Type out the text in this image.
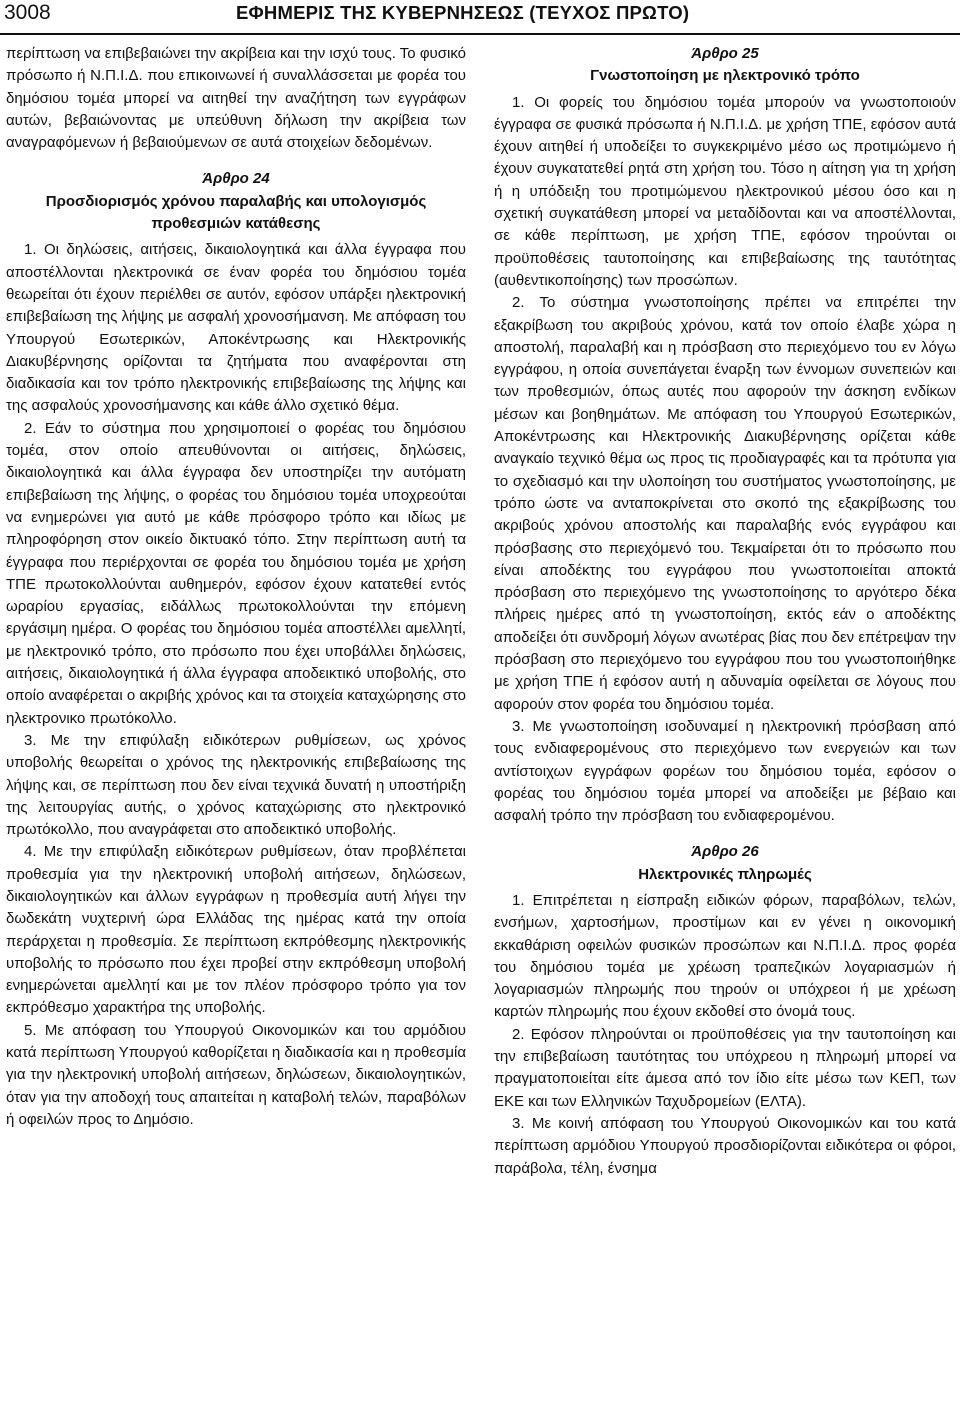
3008	ΕΦΗΜΕΡΙΣ ΤΗΣ ΚΥΒΕΡΝΗΣΕΩΣ (ΤΕΥΧΟΣ ΠΡΩΤΟ)

περίπτωση να επιβεβαιώνει την ακρίβεια και την ισχύ τους. Το φυσικό πρόσωπο ή Ν.Π.Ι.Δ. που επικοινωνεί ή συναλλάσσεται με φορέα του δημόσιου τομέα μπορεί να αιτηθεί την αναζήτηση των εγγράφων αυτών, βεβαιώνοντας με υπεύθυνη δήλωση την ακρίβεια των αναγραφόμενων ή βεβαιούμενων σε αυτά στοιχείων δεδομένων.

Άρθρο 24
Προσδιορισμός χρόνου παραλαβής και υπολογισμός προθεσμιών κατάθεσης

1. Οι δηλώσεις, αιτήσεις, δικαιολογητικά και άλλα έγγραφα που αποστέλλονται ηλεκτρονικά σε έναν φορέα του δημόσιου τομέα θεωρείται ότι έχουν περιέλθει σε αυτόν, εφόσον υπάρξει ηλεκτρονική επιβεβαίωση της λήψης με ασφαλή χρονοσήμανση. Με απόφαση του Υπουργού Εσωτερικών, Αποκέντρωσης και Ηλεκτρονικής Διακυβέρνησης ορίζονται τα ζητήματα που αναφέρονται στη διαδικασία και τον τρόπο ηλεκτρονικής επιβεβαίωσης της λήψης και της ασφαλούς χρονοσήμανσης και κάθε άλλο σχετικό θέμα.

2. Εάν το σύστημα που χρησιμοποιεί ο φορέας του δημόσιου τομέα, στον οποίο απευθύνονται οι αιτήσεις, δηλώσεις, δικαιολογητικά και άλλα έγγραφα δεν υποστηρίζει την αυτόματη επιβεβαίωση της λήψης, ο φορέας του δημόσιου τομέα υποχρεούται να ενημερώνει για αυτό με κάθε πρόσφορο τρόπο και ιδίως με πληροφόρηση στον οικείο δικτυακό τόπο. Στην περίπτωση αυτή τα έγγραφα που περιέρχονται σε φορέα του δημόσιου τομέα με χρήση ΤΠΕ πρωτοκολλούνται αυθημερόν, εφόσον έχουν κατατεθεί εντός ωραρίου εργασίας, ειδάλλως πρωτοκολλούνται την επόμενη εργάσιμη ημέρα. Ο φορέας του δημόσιου τομέα αποστέλλει αμελλητί, με ηλεκτρονικό τρόπο, στο πρόσωπο που έχει υποβάλλει δηλώσεις, αιτήσεις, δικαιολογητικά ή άλλα έγγραφα αποδεικτικό υποβολής, στο οποίο αναφέρεται ο ακριβής χρόνος και τα στοιχεία καταχώρησης στο ηλεκτρονικο πρωτόκολλο.

3. Με την επιφύλαξη ειδικότερων ρυθμίσεων, ως χρόνος υποβολής θεωρείται ο χρόνος της ηλεκτρονικής επιβεβαίωσης της λήψης και, σε περίπτωση που δεν είναι τεχνικά δυνατή η υποστήριξη της λειτουργίας αυτής, ο χρόνος καταχώρισης στο ηλεκτρονικό πρωτόκολλο, που αναγράφεται στο αποδεικτικό υποβολής.

4. Με την επιφύλαξη ειδικότερων ρυθμίσεων, όταν προβλέπεται προθεσμία για την ηλεκτρονική υποβολή αιτήσεων, δηλώσεων, δικαιολογητικών και άλλων εγγράφων η προθεσμία αυτή λήγει την δωδεκάτη νυχτερινή ώρα Ελλάδας της ημέρας κατά την οποία περάρχεται η προθεσμία. Σε περίπτωση εκπρόθεσμης ηλεκτρονικής υποβολής το πρόσωπο που έχει προβεί στην εκπρόθεσμη υποβολή ενημερώνεται αμελλητί και με τον πλέον πρόσφορο τρόπο για τον εκπρόθεσμο χαρακτήρα της υποβολής.

5. Με απόφαση του Υπουργού Οικονομικών και του αρμόδιου κατά περίπτωση Υπουργού καθορίζεται η διαδικασία και η προθεσμία για την ηλεκτρονική υποβολή αιτήσεων, δηλώσεων, δικαιολογητικών, όταν για την αποδοχή τους απαιτείται η καταβολή τελών, παραβόλων ή οφειλών προς το Δημόσιο.

Άρθρο 25
Γνωστοποίηση με ηλεκτρονικό τρόπο

1. Οι φορείς του δημόσιου τομέα μπορούν να γνωστοποιούν έγγραφα σε φυσικά πρόσωπα ή Ν.Π.Ι.Δ. με χρήση ΤΠΕ, εφόσον αυτά έχουν αιτηθεί ή υποδείξει το συγκεκριμένο μέσο ως προτιμώμενο ή έχουν συγκατατεθεί ρητά στη χρήση του. Τόσο η αίτηση για τη χρήση ή η υπόδειξη του προτιμώμενου ηλεκτρονικού μέσου όσο και η σχετική συγκατάθεση μπορεί να μεταδίδονται και να αποστέλλονται, σε κάθε περίπτωση, με χρήση ΤΠΕ, εφόσον τηρούνται οι προϋποθέσεις ταυτοποίησης και επιβεβαίωσης της ταυτότητας (αυθεντικοποίησης) των προσώπων.

2. Το σύστημα γνωστοποίησης πρέπει να επιτρέπει την εξακρίβωση του ακριβούς χρόνου, κατά τον οποίο έλαβε χώρα η αποστολή, παραλαβή και η πρόσβαση στο περιεχόμενο του εν λόγω εγγράφου, η οποία συνεπάγεται έναρξη των έννομων συνεπειών και των προθεσμιών, όπως αυτές που αφορούν την άσκηση ενδίκων μέσων και βοηθημάτων. Με απόφαση του Υπουργού Εσωτερικών, Αποκέντρωσης και Ηλεκτρονικής Διακυβέρνησης ορίζεται κάθε αναγκαίο τεχνικό θέμα ως προς τις προδιαγραφές και τα πρότυπα για το σχεδιασμό και την υλοποίηση του συστήματος γνωστοποίησης, με τρόπο ώστε να ανταποκρίνεται στο σκοπό της εξακρίβωσης του ακριβούς χρόνου αποστολής και παραλαβής ενός εγγράφου και πρόσβασης στο περιεχόμενό του. Τεκμαίρεται ότι το πρόσωπο που είναι αποδέκτης του εγγράφου που γνωστοποιείται αποκτά πρόσβαση στο περιεχόμενο της γνωστοποίησης το αργότερο δέκα πλήρεις ημέρες από τη γνωστοποίηση, εκτός εάν ο αποδέκτης αποδείξει ότι συνδρομή λόγων ανωτέρας βίας που δεν επέτρεψαν την πρόσβαση στο περιεχόμενο του εγγράφου που του γνωστοποιήθηκε με χρήση ΤΠΕ ή εφόσον αυτή η αδυναμία οφείλεται σε λόγους που αφορούν στον φορέα του δημόσιου τομέα.

3. Με γνωστοποίηση ισοδυναμεί η ηλεκτρονική πρόσβαση από τους ενδιαφερομένους στο περιεχόμενο των ενεργειών και των αντίστοιχων εγγράφων φορέων του δημόσιου τομέα, εφόσον ο φορέας του δημόσιου τομέα μπορεί να αποδείξει με βέβαιο και ασφαλή τρόπο την πρόσβαση του ενδιαφερομένου.

Άρθρο 26
Ηλεκτρονικές πληρωμές

1. Επιτρέπεται η είσπραξη ειδικών φόρων, παραβόλων, τελών, ενσήμων, χαρτοσήμων, προστίμων και εν γένει η οικονομική εκκαθάριση οφειλών φυσικών προσώπων και Ν.Π.Ι.Δ. προς φορέα του δημόσιου τομέα με χρέωση τραπεζικών λογαριασμών ή λογαριασμών πληρωμής που τηρούν οι υπόχρεοι ή με χρέωση καρτών πληρωμής που έχουν εκδοθεί στο όνομά τους.

2. Εφόσον πληρούνται οι προϋποθέσεις για την ταυτοποίηση και την επιβεβαίωση ταυτότητας του υπόχρεου η πληρωμή μπορεί να πραγματοποιείται είτε άμεσα από τον ίδιο είτε μέσω των ΚΕΠ, των ΕΚΕ και των Ελληνικών Ταχυδρομείων (ΕΛΤΑ).

3. Με κοινή απόφαση του Υπουργού Οικονομικών και του κατά περίπτωση αρμόδιου Υπουργού προσδιορίζονται ειδικότερα οι φόροι, παράβολα, τέλη, ένσημα
